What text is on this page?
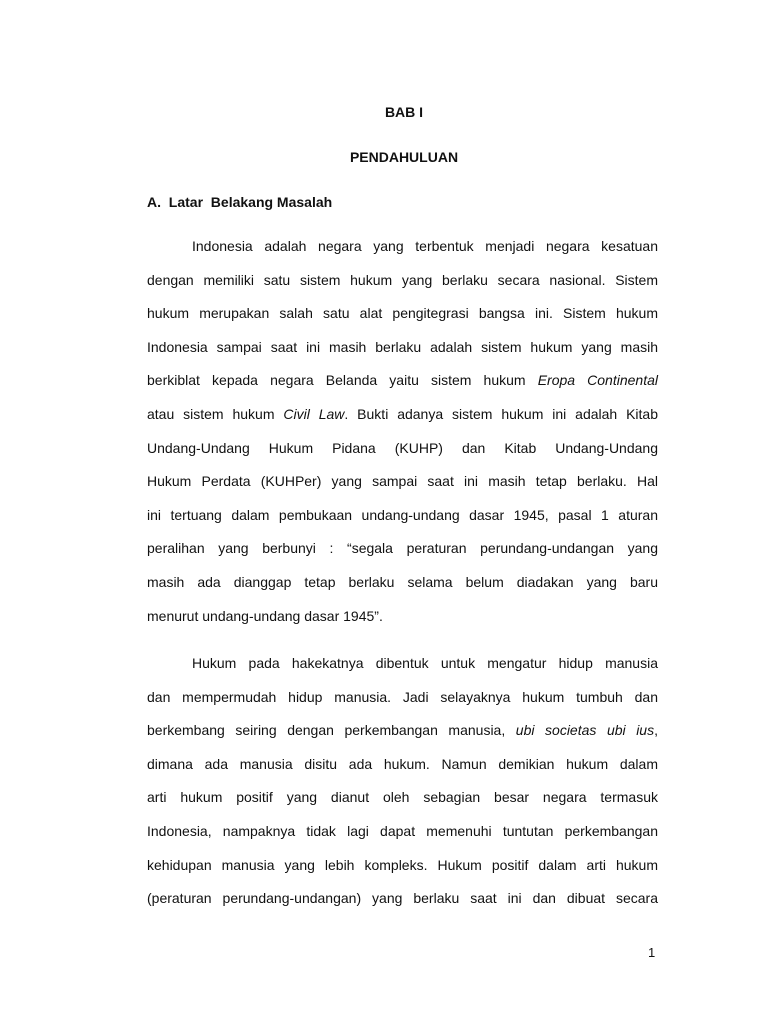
BAB I
PENDAHULUAN
A.  Latar  Belakang Masalah
Indonesia adalah negara yang terbentuk menjadi negara kesatuan
dengan memiliki satu sistem hukum yang berlaku secara nasional. Sistem
hukum merupakan salah satu alat pengitegrasi bangsa ini. Sistem hukum
Indonesia sampai saat ini masih berlaku adalah sistem hukum yang masih
berkiblat kepada negara Belanda yaitu sistem hukum Eropa Continental
atau sistem hukum Civil Law. Bukti adanya sistem hukum ini adalah Kitab
Undang-Undang Hukum Pidana (KUHP) dan Kitab Undang-Undang
Hukum Perdata (KUHPer) yang sampai saat ini masih tetap berlaku. Hal
ini tertuang dalam pembukaan undang-undang dasar 1945, pasal 1 aturan
peralihan yang berbunyi : “segala peraturan perundang-undangan yang
masih ada dianggap tetap berlaku selama belum diadakan yang baru
menurut undang-undang dasar 1945”.
Hukum pada hakekatnya dibentuk untuk mengatur hidup manusia
dan mempermudah hidup manusia. Jadi selayaknya hukum tumbuh dan
berkembang seiring dengan perkembangan manusia, ubi societas ubi ius,
dimana ada manusia disitu ada hukum. Namun demikian hukum dalam
arti hukum positif yang dianut oleh sebagian besar negara termasuk
Indonesia, nampaknya tidak lagi dapat memenuhi tuntutan perkembangan
kehidupan manusia yang lebih kompleks. Hukum positif dalam arti hukum
(peraturan perundang-undangan) yang berlaku saat ini dan dibuat secara

1
